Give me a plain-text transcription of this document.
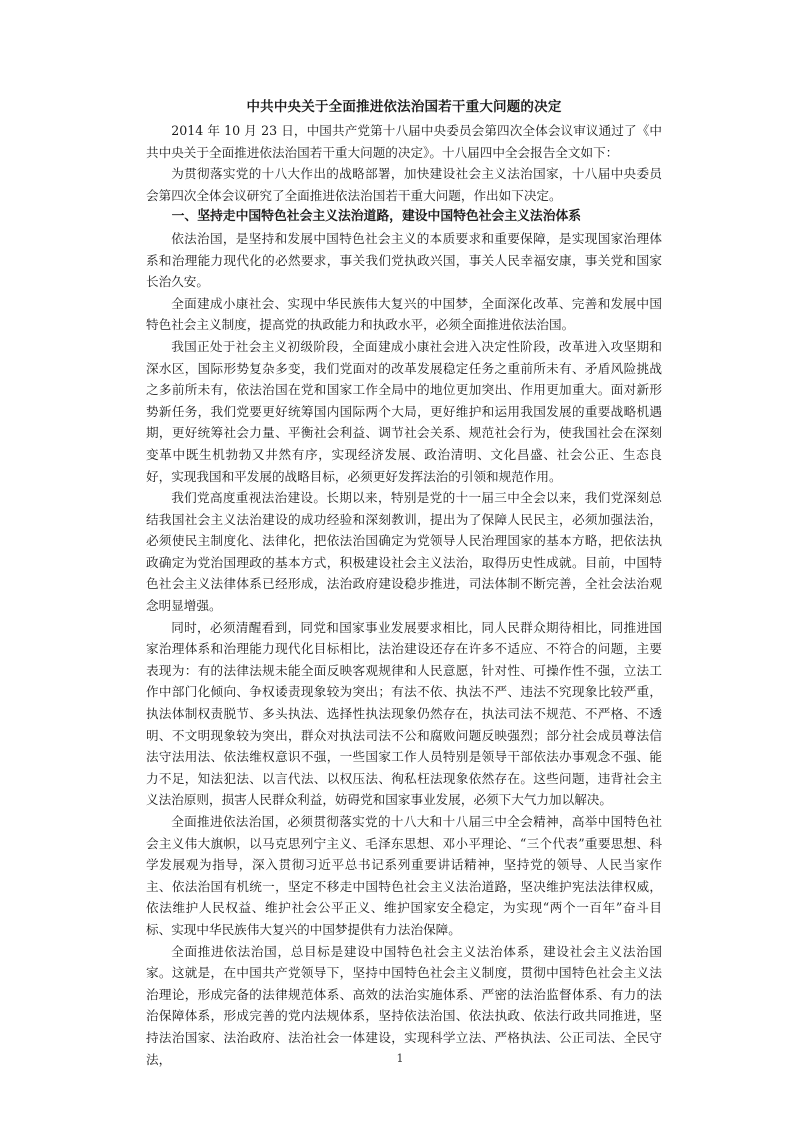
中共中央关于全面推进依法治国若干重大问题的决定

2014 年 10 月 23 日，中国共产党第十八届中央委员会第四次全体会议审议通过了《中共中央关于全面推进依法治国若干重大问题的决定》。十八届四中全会报告全文如下：

为贯彻落实党的十八大作出的战略部署，加快建设社会主义法治国家，十八届中央委员会第四次全体会议研究了全面推进依法治国若干重大问题，作出如下决定。

一、坚持走中国特色社会主义法治道路，建设中国特色社会主义法治体系

依法治国，是坚持和发展中国特色社会主义的本质要求和重要保障，是实现国家治理体系和治理能力现代化的必然要求，事关我们党执政兴国，事关人民幸福安康，事关党和国家长治久安。

全面建成小康社会、实现中华民族伟大复兴的中国梦，全面深化改革、完善和发展中国特色社会主义制度，提高党的执政能力和执政水平，必须全面推进依法治国。

我国正处于社会主义初级阶段，全面建成小康社会进入决定性阶段，改革进入攻坚期和深水区，国际形势复杂多变，我们党面对的改革发展稳定任务之重前所未有、矛盾风险挑战之多前所未有，依法治国在党和国家工作全局中的地位更加突出、作用更加重大。面对新形势新任务，我们党要更好统筹国内国际两个大局，更好维护和运用我国发展的重要战略机遇期，更好统筹社会力量、平衡社会利益、调节社会关系、规范社会行为，使我国社会在深刻变革中既生机勃勃又井然有序，实现经济发展、政治清明、文化昌盛、社会公正、生态良好，实现我国和平发展的战略目标，必须更好发挥法治的引领和规范作用。

我们党高度重视法治建设。长期以来，特别是党的十一届三中全会以来，我们党深刻总结我国社会主义法治建设的成功经验和深刻教训，提出为了保障人民民主，必须加强法治，必须使民主制度化、法律化，把依法治国确定为党领导人民治理国家的基本方略，把依法执政确定为党治国理政的基本方式，积极建设社会主义法治，取得历史性成就。目前，中国特色社会主义法律体系已经形成，法治政府建设稳步推进，司法体制不断完善，全社会法治观念明显增强。

同时，必须清醒看到，同党和国家事业发展要求相比，同人民群众期待相比，同推进国家治理体系和治理能力现代化目标相比，法治建设还存在许多不适应、不符合的问题，主要表现为：有的法律法规未能全面反映客观规律和人民意愿，针对性、可操作性不强，立法工作中部门化倾向、争权诿责现象较为突出；有法不依、执法不严、违法不究现象比较严重，执法体制权责脱节、多头执法、选择性执法现象仍然存在，执法司法不规范、不严格、不透明、不文明现象较为突出，群众对执法司法不公和腐败问题反映强烈；部分社会成员尊法信法守法用法、依法维权意识不强，一些国家工作人员特别是领导干部依法办事观念不强、能力不足，知法犯法、以言代法、以权压法、徇私枉法现象依然存在。这些问题，违背社会主义法治原则，损害人民群众利益，妨碍党和国家事业发展，必须下大气力加以解决。

全面推进依法治国，必须贯彻落实党的十八大和十八届三中全会精神，高举中国特色社会主义伟大旗帜，以马克思列宁主义、毛泽东思想、邓小平理论、“三个代表”重要思想、科学发展观为指导，深入贯彻习近平总书记系列重要讲话精神，坚持党的领导、人民当家作主、依法治国有机统一，坚定不移走中国特色社会主义法治道路，坚决维护宪法法律权威，依法维护人民权益、维护社会公平正义、维护国家安全稳定，为实现“两个一百年”奋斗目标、实现中华民族伟大复兴的中国梦提供有力法治保障。

全面推进依法治国，总目标是建设中国特色社会主义法治体系，建设社会主义法治国家。这就是，在中国共产党领导下，坚持中国特色社会主义制度，贯彻中国特色社会主义法治理论，形成完备的法律规范体系、高效的法治实施体系、严密的法治监督体系、有力的法治保障体系，形成完善的党内法规体系，坚持依法治国、依法执政、依法行政共同推进，坚持法治国家、法治政府、法治社会一体建设，实现科学立法、严格执法、公正司法、全民守法，	1
